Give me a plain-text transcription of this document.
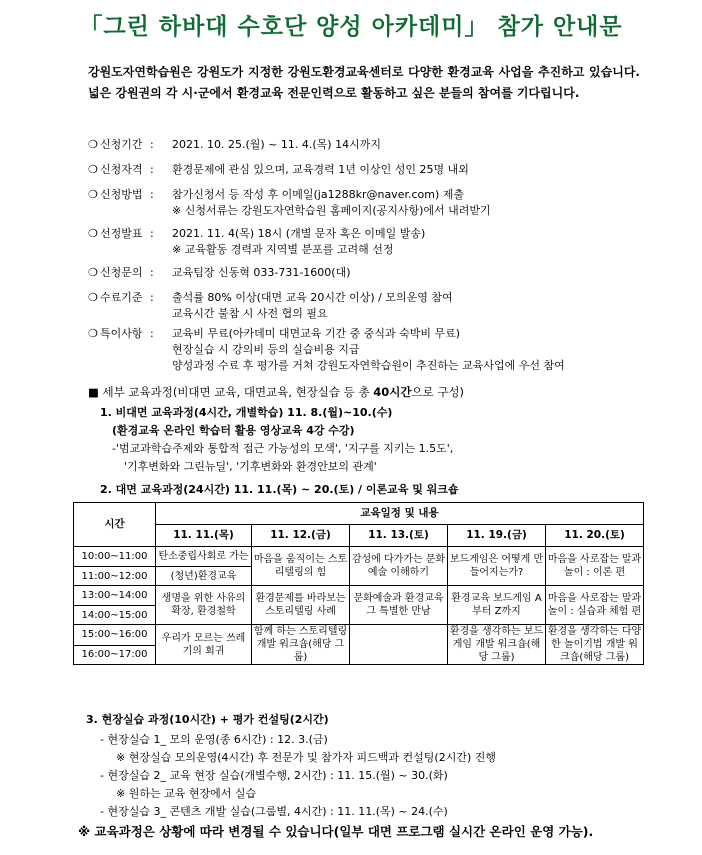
「그린 하바대 수호단 양성 아카데미」 참가 안내문
강원도자연학습원은 강원도가 지정한 강원도환경교육센터로 다양한 환경교육 사업을 추진하고 있습니다. 넓은 강원권의 각 시·군에서 환경교육 전문인력으로 활동하고 싶은 분들의 참여를 기다립니다.
❍ 신청기간 : 2021. 10. 25.(월) ~ 11. 4.(목) 14시까지
❍ 신청자격 : 환경문제에 관심 있으며, 교육경력 1년 이상인 성인 25명 내외
❍ 신청방법 : 참가신청서 등 작성 후 이메일(ja1288kr@naver.com) 제출
※ 신청서류는 강원도자연학습원 홈페이지(공지사항)에서 내려받기
❍ 선정발표 : 2021. 11. 4(목) 18시 (개별 문자 혹은 이메일 발송)
※ 교육활동 경력과 지역별 분포를 고려해 선정
❍ 신청문의 : 교육팀장 신동혁 033-731-1600(대)
❍ 수료기준 : 출석률 80% 이상(대면 교육 20시간 이상) / 모의운영 참여
교육시간 불참 시 사전 협의 필요
❍ 특이사항 : 교육비 무료(아카데미 대면교육 기간 중 중식과 숙박비 무료)
현장실습 시 강의비 등의 실습비용 지급
양성과정 수료 후 평가를 거쳐 강원도자연학습원이 추진하는 교육사업에 우선 참여
■ 세부 교육과정(비대면 교육, 대면교육, 현장실습 등 총 40시간으로 구성)
1. 비대면 교육과정(4시간, 개별학습) 11. 8.(월)~10.(수)
(환경교육 온라인 학습터 활용 영상교육 4강 수강)
-'범교과학습주제와 통합적 접근 가능성의 모색', '지구를 지키는 1.5도',
'기후변화와 그린뉴딜', '기후변화와 환경안보의 관계'
2. 대면 교육과정(24시간) 11. 11.(목) ~ 20.(토) / 이론교육 및 워크숍
시간	교육일정 및 내용				
	11. 11.(목)	11. 12.(금)	11. 13.(토)	11. 19.(금)	11. 20.(토)
10:00~11:00	탄소중립사회로 가는	마음을 움직이는 스토리텔링의 힘	감성에 다가가는 문화예술 이해하기	보드게임은 어떻게 만들어지는가?	마음을 사로잡는 말과 놀이 : 이론 편
11:00~12:00	(청년)환경교육				
13:00~14:00	생명을 위한 사유의 확장, 환경철학	환경문제를 바라보는 스토리텔링 사례	문화예술과 환경교육 그 특별한 만남	환경교육 보드게임 A부터 Z까지	마음을 사로잡는 말과 놀이 : 실습과 체험 편
14:00~15:00					
15:00~16:00	우리가 모르는 쓰레기의 회귀	함께 하는 스토리텔링 개발 워크숍(해당 그룹)		환경을 생각하는 보드게임 개발 워크숍(해당 그룹)	환경을 생각하는 다양한 놀이기법 개발 워크숍(해당 그룹)
16:00~17:00					
3. 현장실습 과정(10시간) + 평가 컨설팅(2시간)
- 현장실습 1_ 모의 운영(종 6시간) : 12. 3.(금)
※ 현장실습 모의운영(4시간) 후 전문가 및 참가자 피드백과 컨설팅(2시간) 진행
- 현장실습 2_ 교육 현장 실습(개별수행, 2시간) : 11. 15.(월) ~ 30.(화)
※ 원하는 교육 현장에서 실습
- 현장실습 3_ 콘텐츠 개발 실습(그룹별, 4시간) : 11. 11.(목) ~ 24.(수)
※ 교육과정은 상황에 따라 변경될 수 있습니다(일부 대면 프로그램 실시간 온라인 운영 가능).
